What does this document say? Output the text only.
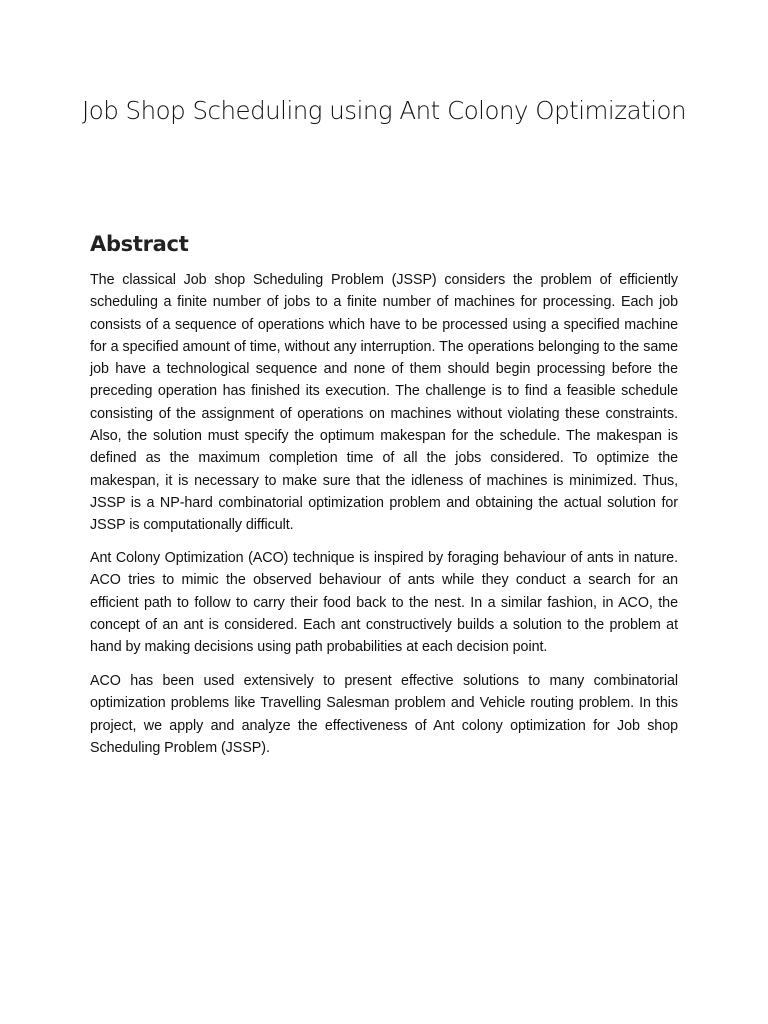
Job Shop Scheduling using Ant Colony Optimization
Abstract

The classical Job shop Scheduling Problem (JSSP) considers the problem of efficiently scheduling a finite number of jobs to a finite number of machines for processing. Each job consists of a sequence of operations which have to be processed using a specified machine for a specified amount of time, without any interruption. The operations belonging to the same job have a technological sequence and none of them should begin processing before the preceding operation has finished its execution. The challenge is to find a feasible schedule consisting of the assignment of operations on machines without violating these constraints. Also, the solution must specify the optimum makespan for the schedule. The makespan is defined as the maximum completion time of all the jobs considered. To optimize the makespan, it is necessary to make sure that the idleness of machines is minimized. Thus, JSSP is a NP-hard combinatorial optimization problem and obtaining the actual solution for JSSP is computationally difficult.

Ant Colony Optimization (ACO) technique is inspired by foraging behaviour of ants in nature. ACO tries to mimic the observed behaviour of ants while they conduct a search for an efficient path to follow to carry their food back to the nest. In a similar fashion, in ACO, the concept of an ant is considered. Each ant constructively builds a solution to the problem at hand by making decisions using path probabilities at each decision point.

ACO has been used extensively to present effective solutions to many combinatorial optimization problems like Travelling Salesman problem and Vehicle routing problem. In this project, we apply and analyze the effectiveness of Ant colony optimization for Job shop Scheduling Problem (JSSP).
